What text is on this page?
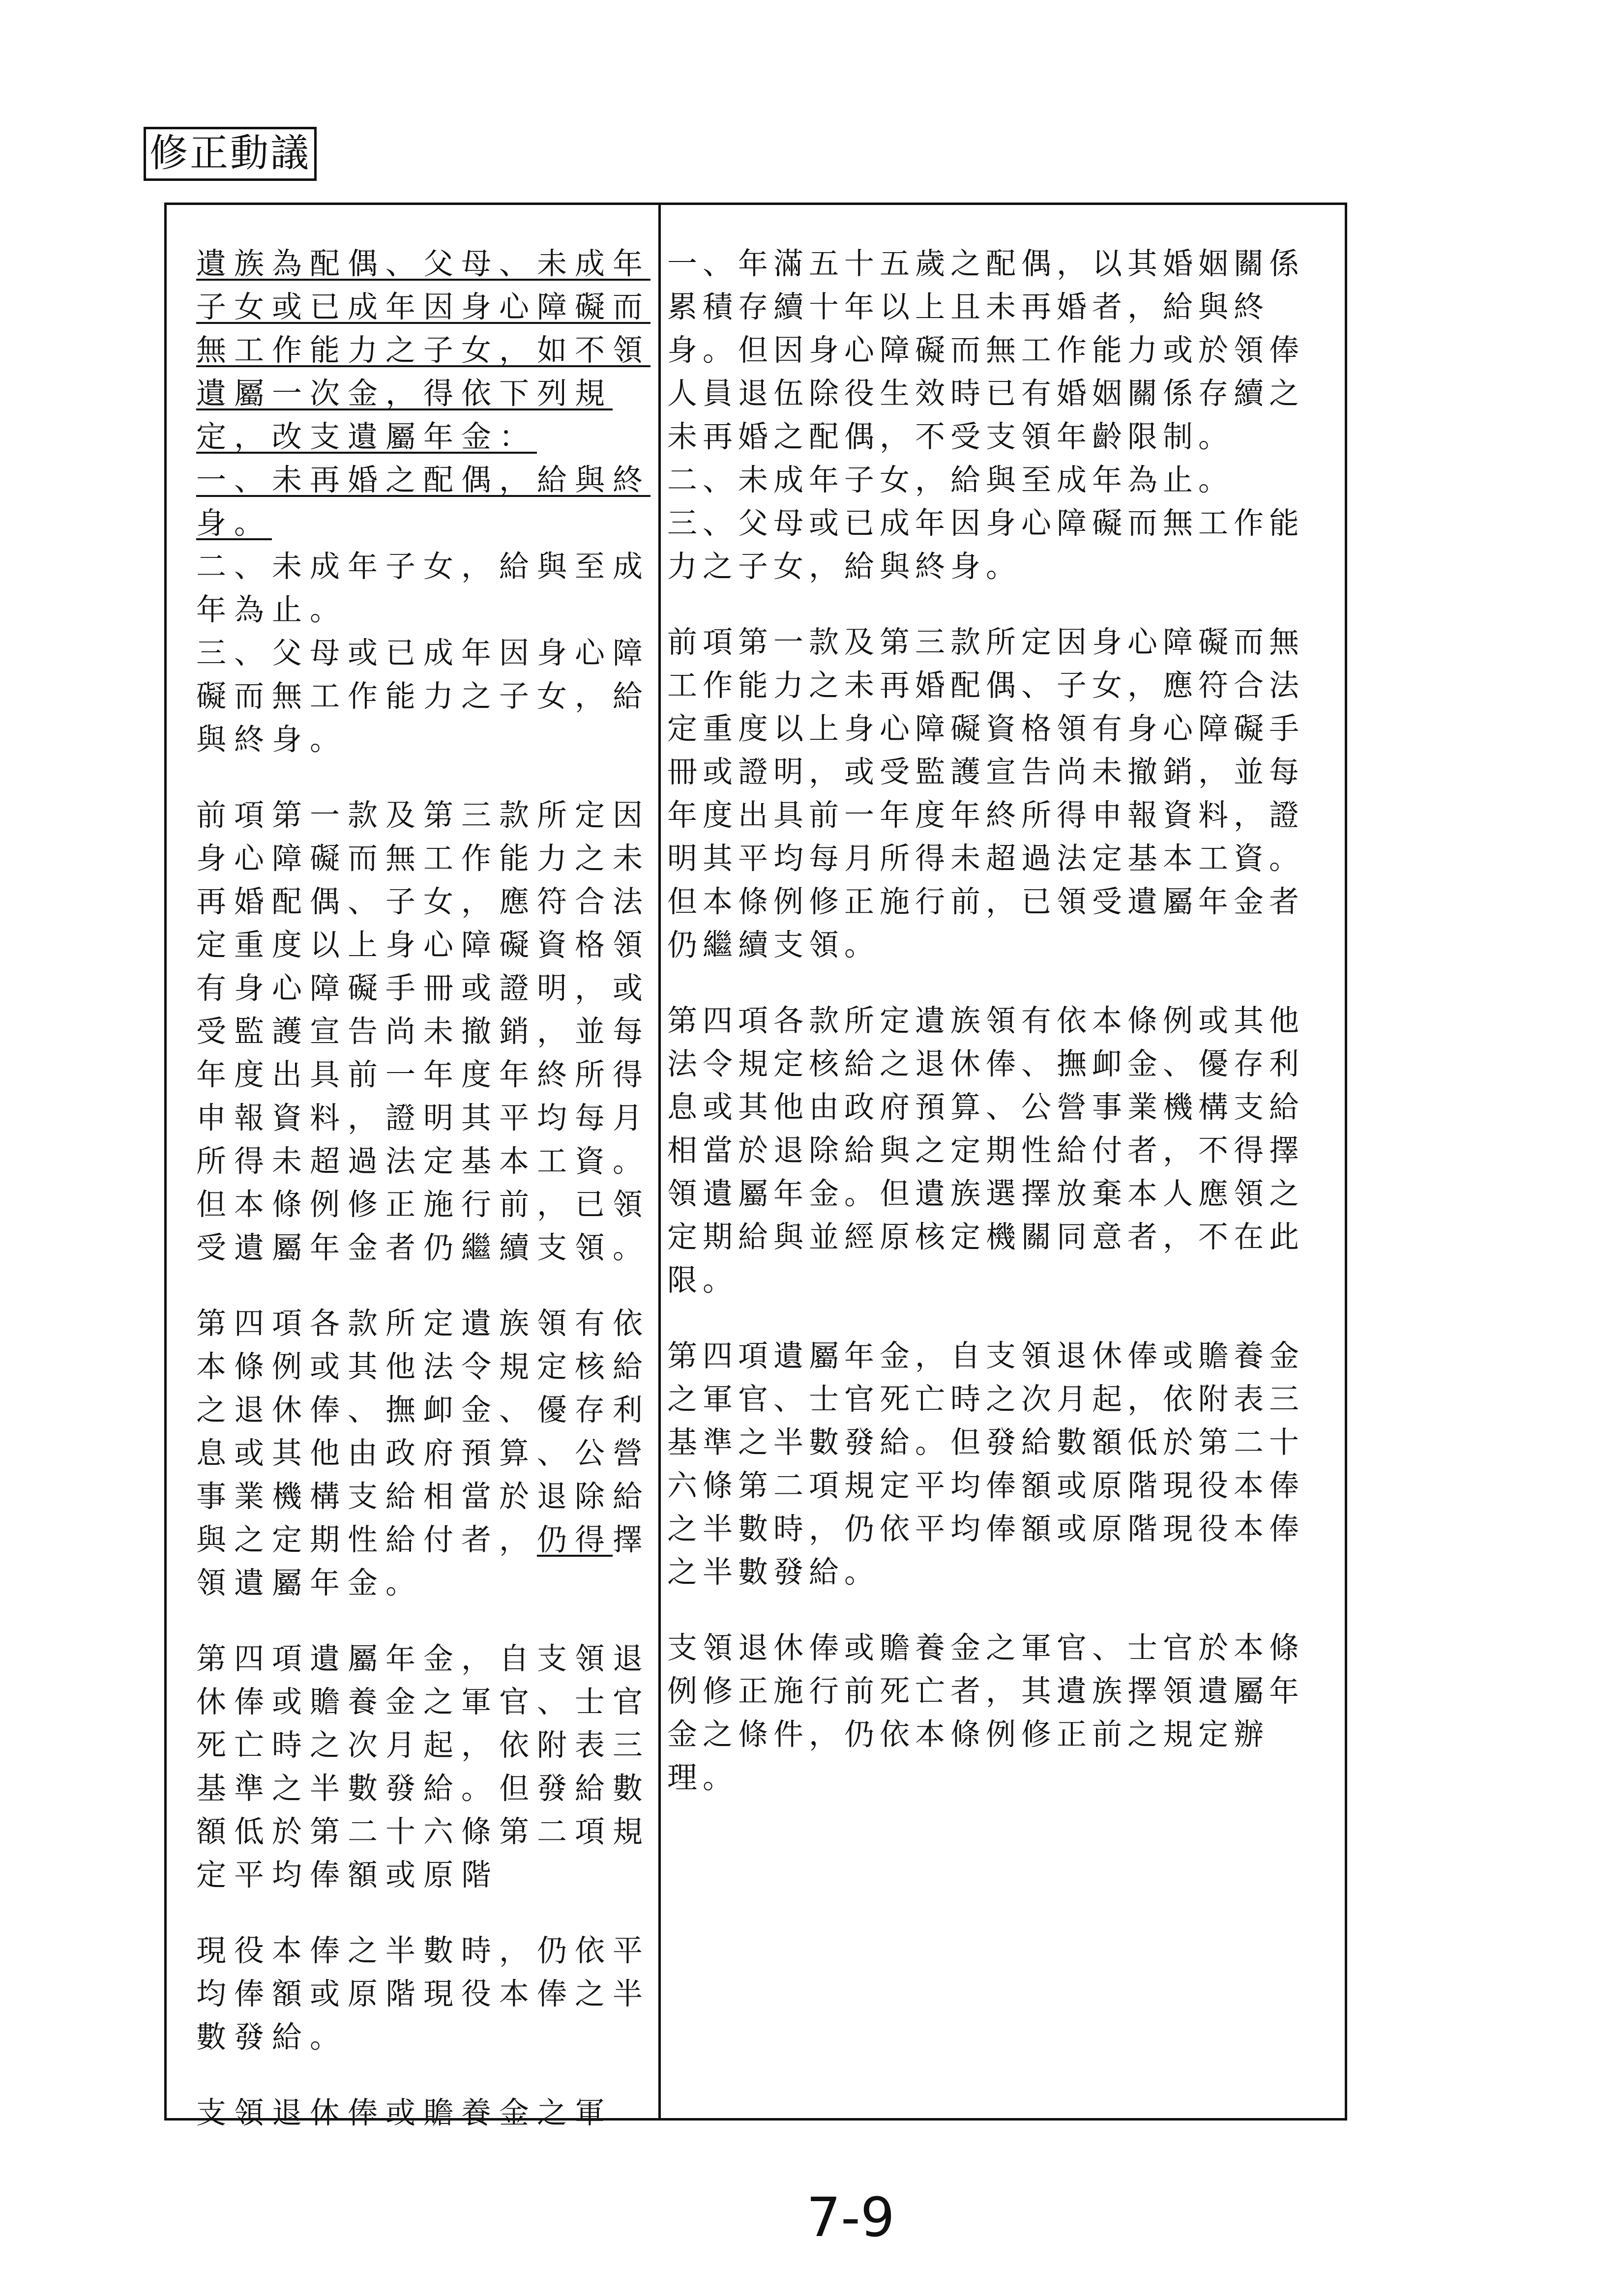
修正動議

遺族為配偶、父母、未成年子女或已成年因身心障礙而無工作能力之子女，如不領遺屬一次金，得依下列規定，改支遺屬年金：

一、未再婚之配偶，給與終身。

二、未成年子女，給與至成年為止。

三、父母或已成年因身心障礙而無工作能力之子女，給與終身。

前項第一款及第三款所定因身心障礙而無工作能力之未再婚配偶、子女，應符合法定重度以上身心障礙資格領有身心障礙手冊或證明，或受監護宣告尚未撤銷，並每年度出具前一年度年終所得申報資料，證明其平均每月所得未超過法定基本工資。但本條例修正施行前，已領受遺屬年金者仍繼續支領。

第四項各款所定遺族領有依本條例或其他法令規定核給之退休俸、撫卹金、優存利息或其他由政府預算、公營事業機構支給相當於退除給與之定期性給付者，仍得擇領遺屬年金。

第四項遺屬年金，自支領退休俸或贍養金之軍官、士官死亡時之次月起，依附表三基準之半數發給。但發給數額低於第二十六條第二項規定平均俸額或原階

現役本俸之半數時，仍依平均俸額或原階現役本俸之半數發給。

支領退休俸或贍養金之軍

一、年滿五十五歲之配偶，以其婚姻關係累積存續十年以上且未再婚者，給與終身。但因身心障礙而無工作能力或於領俸人員退伍除役生效時已有婚姻關係存續之未再婚之配偶，不受支領年齡限制。

二、未成年子女，給與至成年為止。

三、父母或已成年因身心障礙而無工作能力之子女，給與終身。

前項第一款及第三款所定因身心障礙而無工作能力之未再婚配偶、子女，應符合法定重度以上身心障礙資格領有身心障礙手冊或證明，或受監護宣告尚未撤銷，並每年度出具前一年度年終所得申報資料，證明其平均每月所得未超過法定基本工資。但本條例修正施行前，已領受遺屬年金者仍繼續支領。

第四項各款所定遺族領有依本條例或其他法令規定核給之退休俸、撫卹金、優存利息或其他由政府預算、公營事業機構支給相當於退除給與之定期性給付者，不得擇領遺屬年金。但遺族選擇放棄本人應領之定期給與並經原核定機關同意者，不在此限。

第四項遺屬年金，自支領退休俸或贍養金之軍官、士官死亡時之次月起，依附表三基準之半數發給。但發給數額低於第二十六條第二項規定平均俸額或原階現役本俸之半數時，仍依平均俸額或原階現役本俸之半數發給。

支領退休俸或贍養金之軍官、士官於本條例修正施行前死亡者，其遺族擇領遺屬年金之條件，仍依本條例修正前之規定辦理。

7-9
